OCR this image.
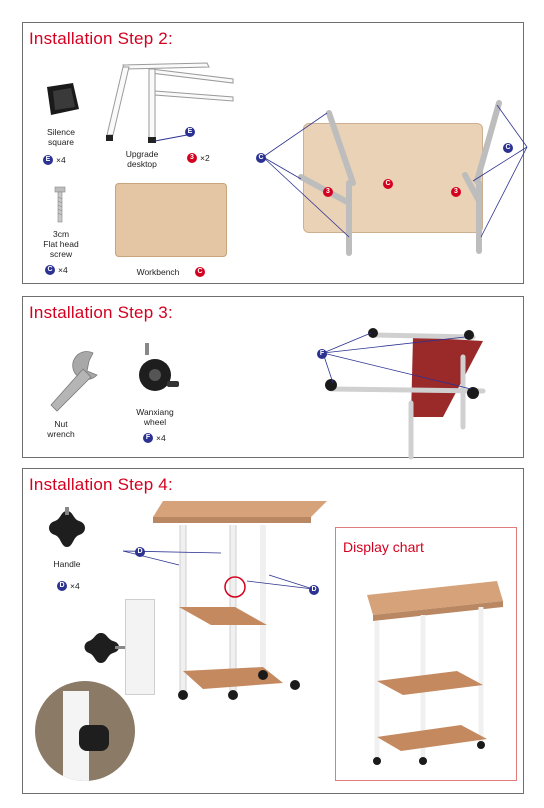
Installation Step 2:
Silence
square
E ×4
E
Upgrade
desktop
3 ×2
3cm
Flat head
screw
C ×4	Workbench	C
C
C
C
3	3
Installation Step 3:
Nut
wrench
Wanxiang
wheel
F ×4
F
Installation Step 4:
Handle
D ×4
D
D
Display chart
